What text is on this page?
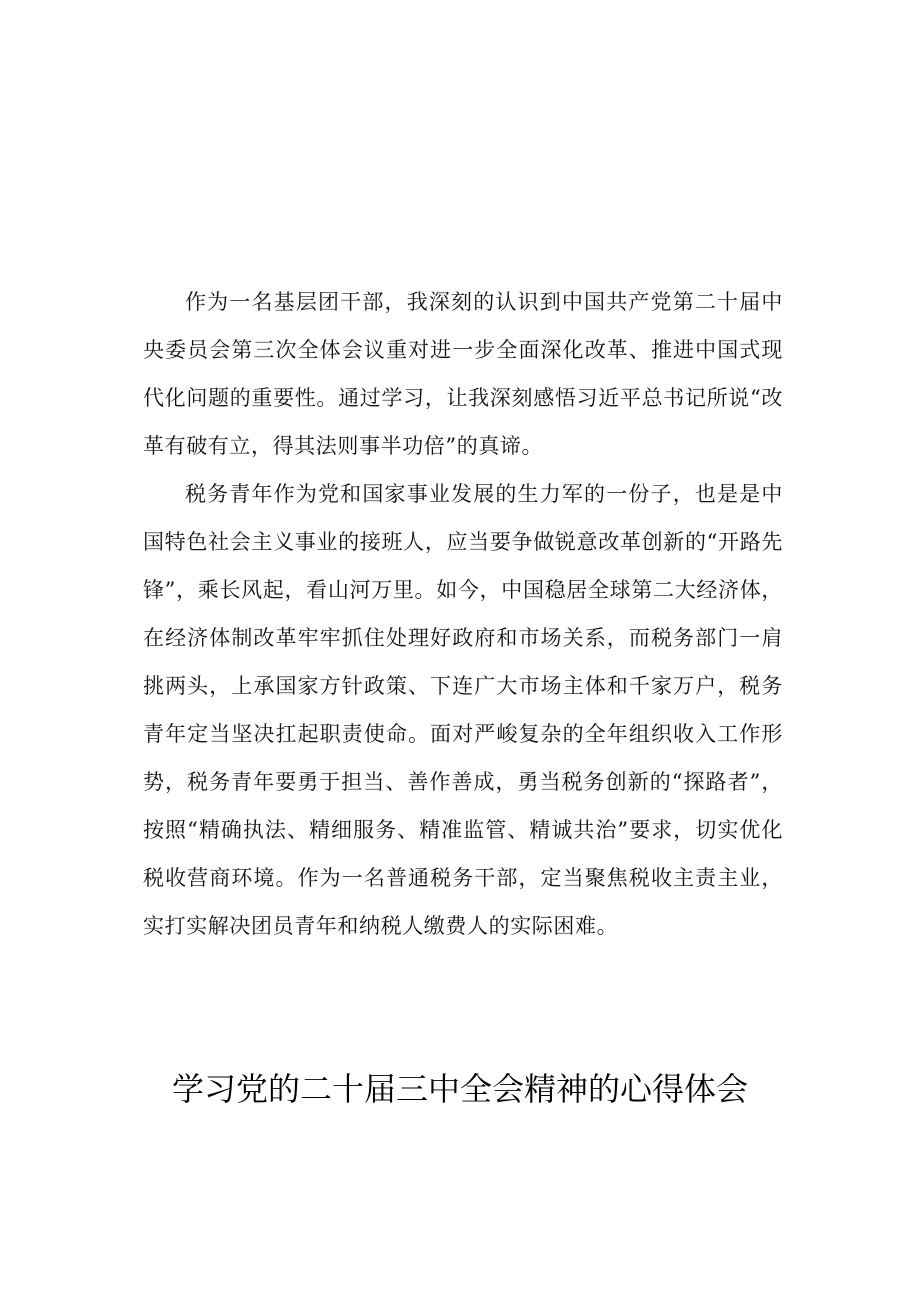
作为一名基层团干部，我深刻的认识到中国共产党第二十届中央委员会第三次全体会议重对进一步全面深化改革、推进中国式现代化问题的重要性。通过学习，让我深刻感悟习近平总书记所说“改革有破有立，得其法则事半功倍”的真谛。

税务青年作为党和国家事业发展的生力军的一份子，也是是中国特色社会主义事业的接班人，应当要争做锐意改革创新的“开路先锋”，乘长风起，看山河万里。如今，中国稳居全球第二大经济体，在经济体制改革牢牢抓住处理好政府和市场关系，而税务部门一肩挑两头，上承国家方针政策、下连广大市场主体和千家万户，税务青年定当坚决扛起职责使命。面对严峻复杂的全年组织收入工作形势，税务青年要勇于担当、善作善成，勇当税务创新的“探路者”，按照“精确执法、精细服务、精准监管、精诚共治”要求，切实优化税收营商环境。作为一名普通税务干部，定当聚焦税收主责主业，实打实解决团员青年和纳税人缴费人的实际困难。

学习党的二十届三中全会精神的心得体会
